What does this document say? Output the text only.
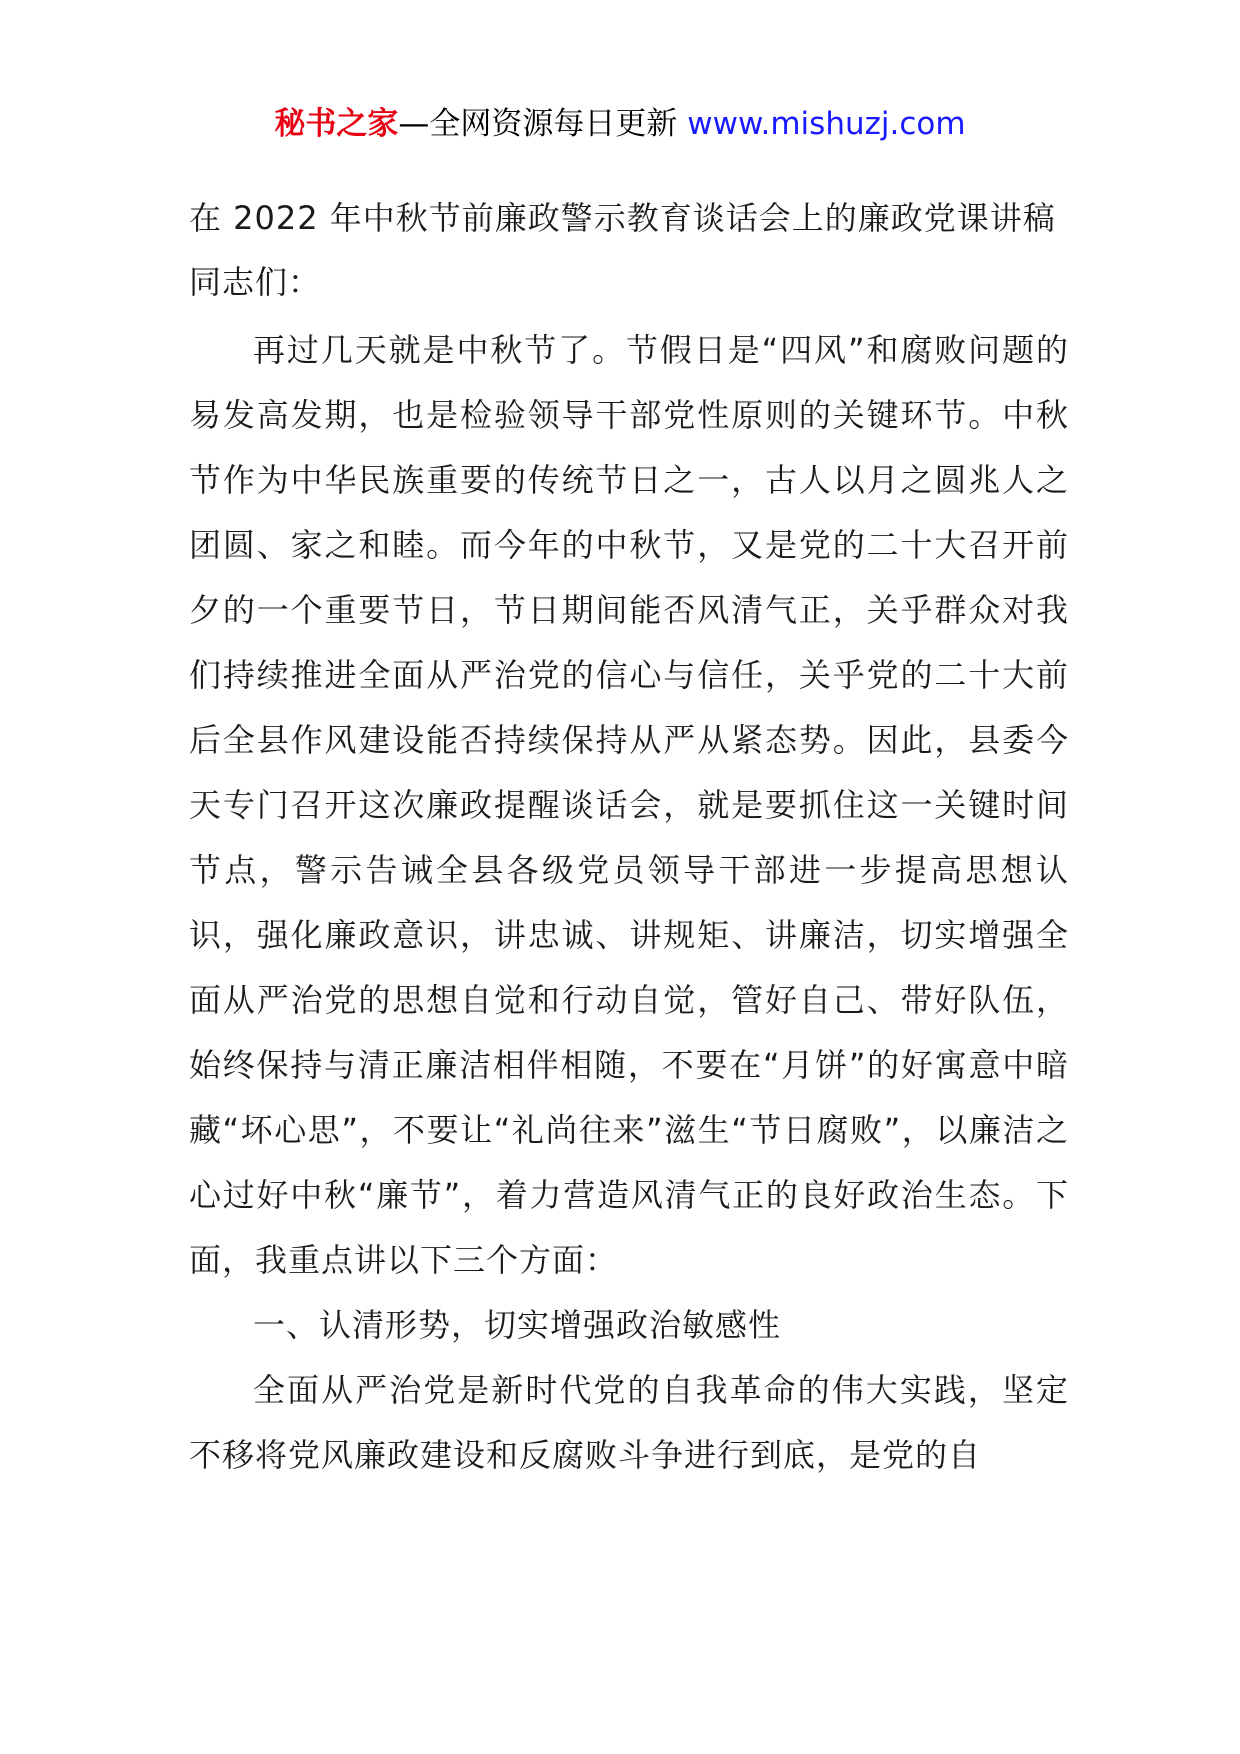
秘书之家—全网资源每日更新 www.mishuzj.com
在 2022 年中秋节前廉政警示教育谈话会上的廉政党课讲稿
同志们：

再过几天就是中秋节了。节假日是“四风”和腐败问题的易发高发期，也是检验领导干部党性原则的关键环节。中秋节作为中华民族重要的传统节日之一，古人以月之圆兆人之团圆、家之和睦。而今年的中秋节，又是党的二十大召开前夕的一个重要节日，节日期间能否风清气正，关乎群众对我们持续推进全面从严治党的信心与信任，关乎党的二十大前后全县作风建设能否持续保持从严从紧态势。因此，县委今天专门召开这次廉政提醒谈话会，就是要抓住这一关键时间节点，警示告诫全县各级党员领导干部进一步提高思想认识，强化廉政意识，讲忠诚、讲规矩、讲廉洁，切实增强全面从严治党的思想自觉和行动自觉，管好自己、带好队伍，始终保持与清正廉洁相伴相随，不要在“月饼”的好寓意中暗藏“坏心思”，不要让“礼尚往来”滋生“节日腐败”，以廉洁之心过好中秋“廉节”，着力营造风清气正的良好政治生态。下面，我重点讲以下三个方面：

一、认清形势，切实增强政治敏感性

全面从严治党是新时代党的自我革命的伟大实践，坚定不移将党风廉政建设和反腐败斗争进行到底，是党的自
